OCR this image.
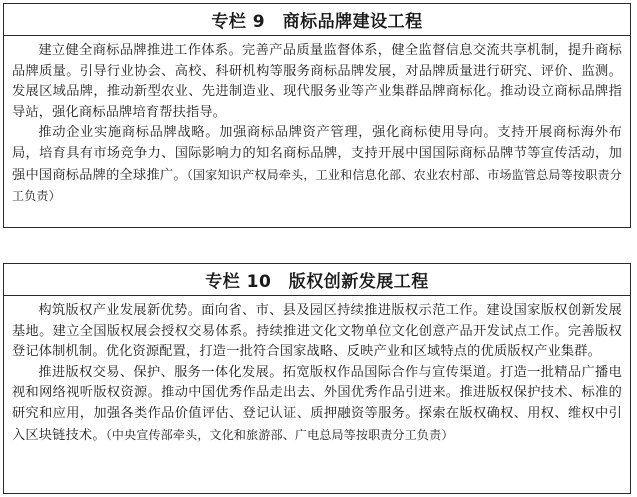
专栏 9　商标品牌建设工程

建立健全商标品牌推进工作体系。完善产品质量监督体系，健全监督信息交流共享机制，提升商标品牌质量。引导行业协会、高校、科研机构等服务商标品牌发展，对品牌质量进行研究、评价、监测。发展区域品牌，推动新型农业、先进制造业、现代服务业等产业集群品牌商标化。推动设立商标品牌指导站，强化商标品牌培育帮扶指导。

推动企业实施商标品牌战略。加强商标品牌资产管理，强化商标使用导向。支持开展商标海外布局，培育具有市场竞争力、国际影响力的知名商标品牌，支持开展中国国际商标品牌节等宣传活动，加强中国商标品牌的全球推广。（国家知识产权局牵头，工业和信息化部、农业农村部、市场监管总局等按职责分工负责）

专栏 10　版权创新发展工程

构筑版权产业发展新优势。面向省、市、县及园区持续推进版权示范工作。建设国家版权创新发展基地。建立全国版权展会授权交易体系。持续推进文化文物单位文化创意产品开发试点工作。完善版权登记体制机制。优化资源配置，打造一批符合国家战略、反映产业和区域特点的优质版权产业集群。

推进版权交易、保护、服务一体化发展。拓宽版权作品国际合作与宣传渠道。打造一批精品广播电视和网络视听版权资源。推动中国优秀作品走出去、外国优秀作品引进来。推进版权保护技术、标准的研究和应用，加强各类作品价值评估、登记认证、质押融资等服务。探索在版权确权、用权、维权中引入区块链技术。（中央宣传部牵头，文化和旅游部、广电总局等按职责分工负责）
